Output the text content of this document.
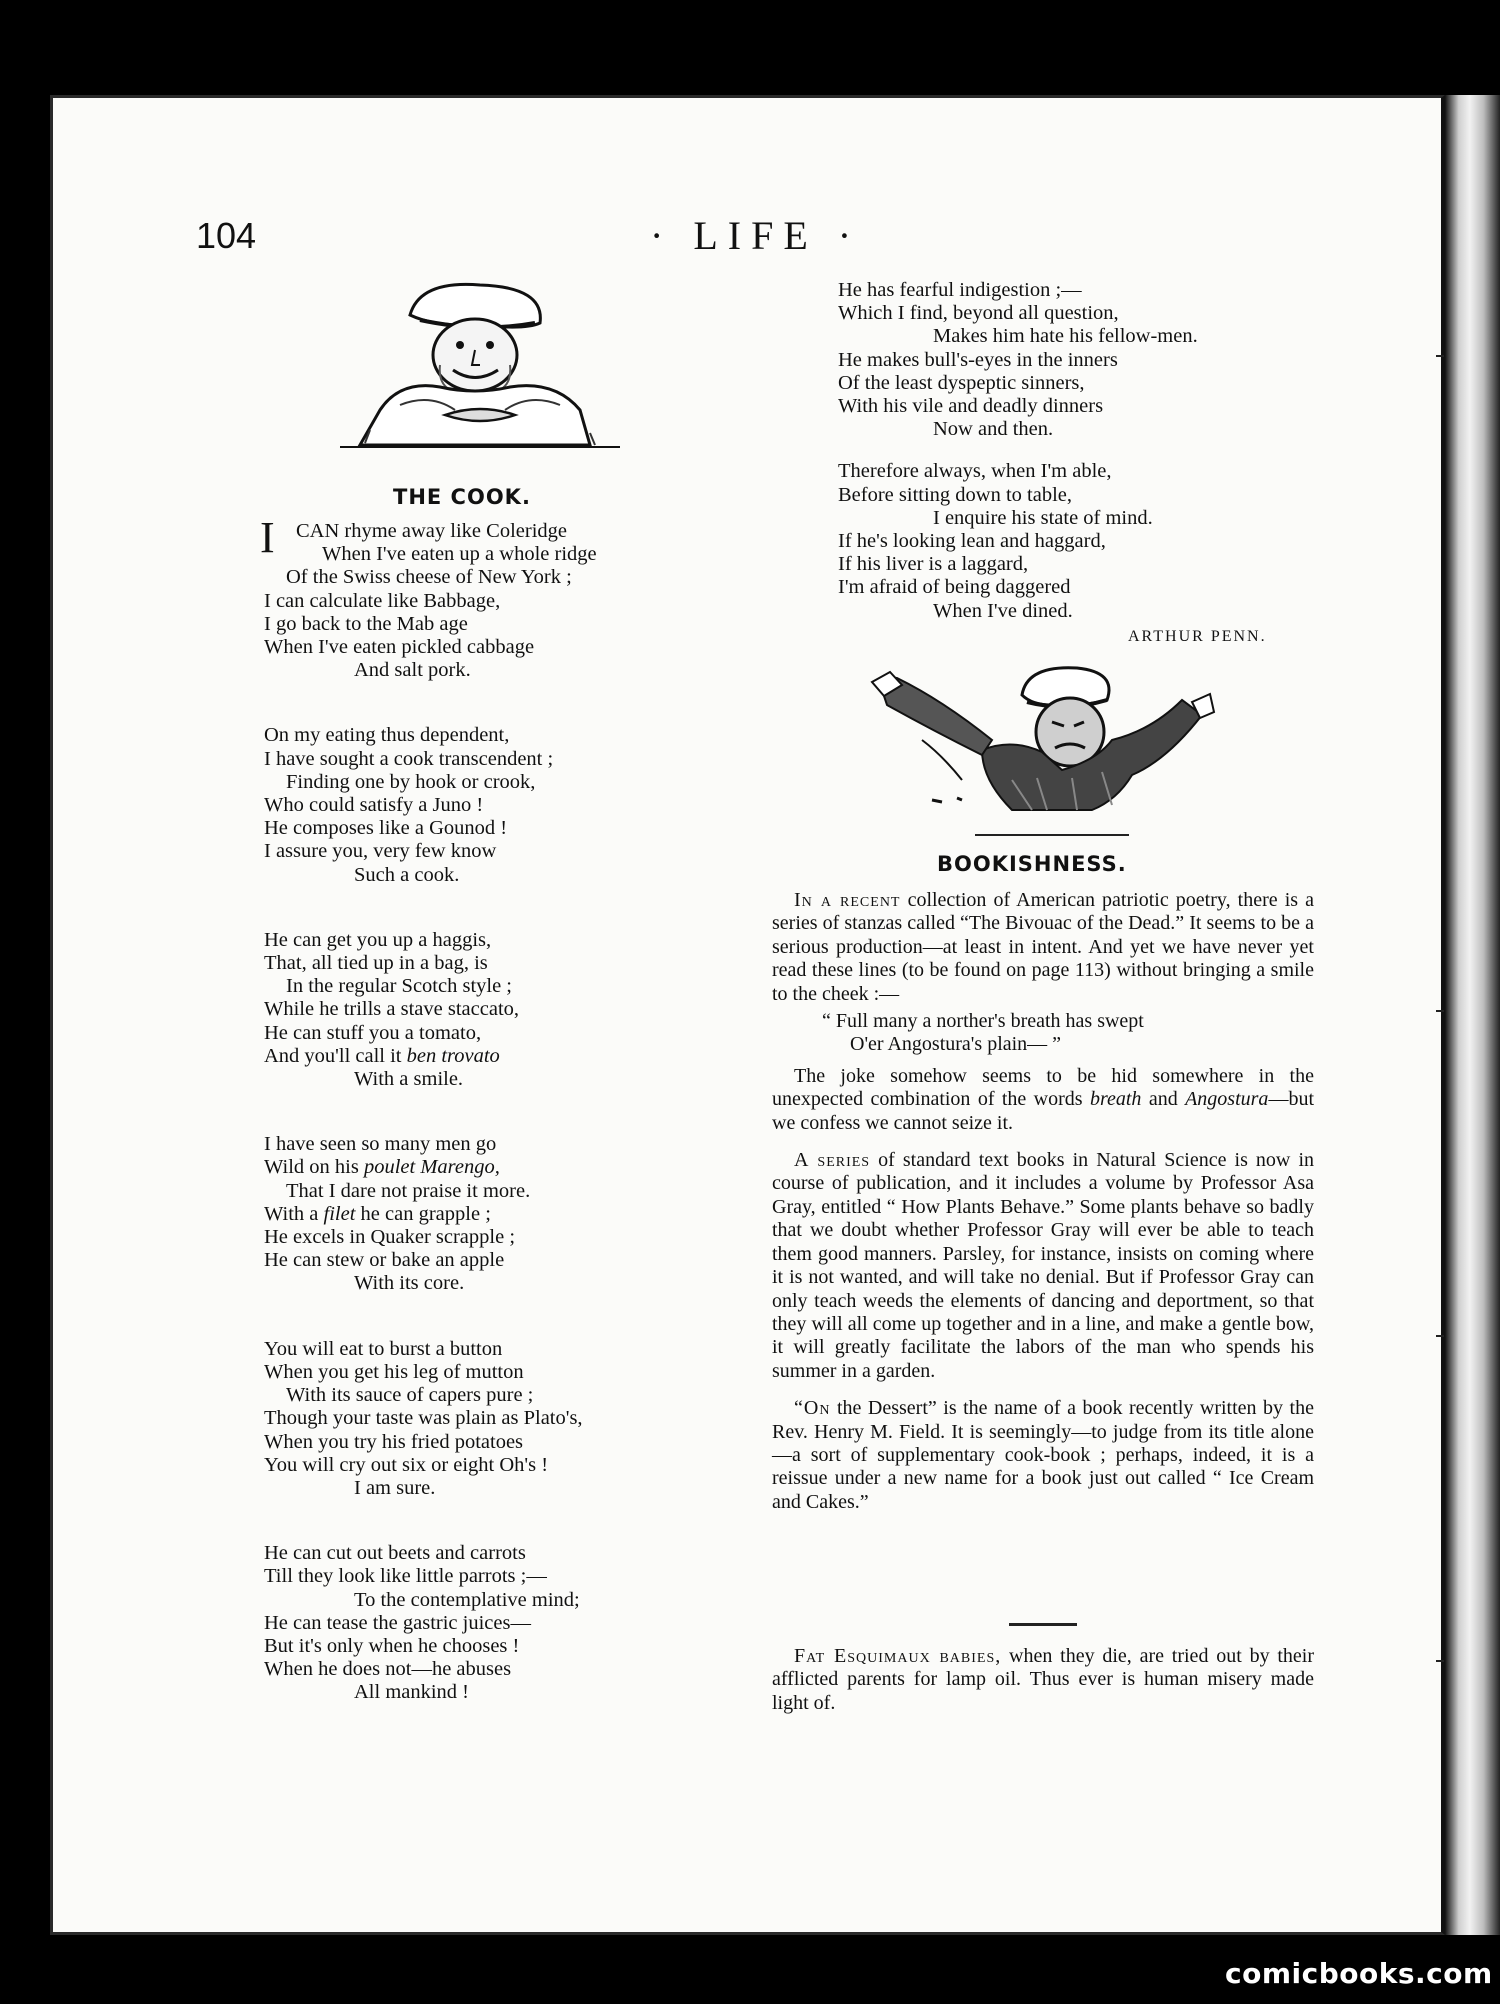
104	· LIFE ·
THE COOK.
I CAN rhyme away like Coleridge
When I've eaten up a whole ridge
Of the Swiss cheese of New York ;
I can calculate like Babbage,
I go back to the Mab age
When I've eaten pickled cabbage
And salt pork.
On my eating thus dependent,
I have sought a cook transcendent ;
Finding one by hook or crook,
Who could satisfy a Juno !
He composes like a Gounod !
I assure you, very few know
Such a cook.
He can get you up a haggis,
That, all tied up in a bag, is
In the regular Scotch style ;
While he trills a stave staccato,
He can stuff you a tomato,
And you'll call it ben trovato
With a smile.
I have seen so many men go
Wild on his poulet Marengo,
That I dare not praise it more.
With a filet he can grapple ;
He excels in Quaker scrapple ;
He can stew or bake an apple
With its core.
You will eat to burst a button
When you get his leg of mutton
With its sauce of capers pure ;
Though your taste was plain as Plato's,
When you try his fried potatoes
You will cry out six or eight Oh's !
I am sure.
He can cut out beets and carrots
Till they look like little parrots ;—
To the contemplative mind;
He can tease the gastric juices—
But it's only when he chooses !
When he does not—he abuses
All mankind !
He has fearful indigestion ;—
Which I find, beyond all question,
Makes him hate his fellow-men.
He makes bull's-eyes in the inners
Of the least dyspeptic sinners,
With his vile and deadly dinners
Now and then.
Therefore always, when I'm able,
Before sitting down to table,
I enquire his state of mind.
If he's looking lean and haggard,
If his liver is a laggard,
I'm afraid of being daggered
When I've dined.
ARTHUR PENN.
BOOKISHNESS.

In a recent collection of American patriotic poetry, there is a series of stanzas called “The Bivouac of the Dead.” It seems to be a serious production—at least in intent. And yet we have never yet read these lines (to be found on page 113) without bringing a smile to the cheek :—

“ Full many a norther's breath has swept

O'er Angostura's plain— ”

The joke somehow seems to be hid somewhere in the unexpected combination of the words breath and Angostura—but we confess we cannot seize it.

A series of standard text books in Natural Science is now in course of publication, and it includes a volume by Professor Asa Gray, entitled “ How Plants Behave.” Some plants behave so badly that we doubt whether Professor Gray will ever be able to teach them good manners. Parsley, for instance, insists on coming where it is not wanted, and will take no denial. But if Professor Gray can only teach weeds the elements of dancing and deportment, so that they will all come up together and in a line, and make a gentle bow, it will greatly facilitate the labors of the man who spends his summer in a garden.

“On the Dessert” is the name of a book recently written by the Rev. Henry M. Field. It is seemingly—to judge from its title alone—a sort of supplementary cook-book ; perhaps, indeed, it is a reissue under a new name for a book just out called “ Ice Cream and Cakes.”

Fat Esquimaux babies, when they die, are tried out by their afflicted parents for lamp oil. Thus ever is human misery made light of.

comicbooks.com
